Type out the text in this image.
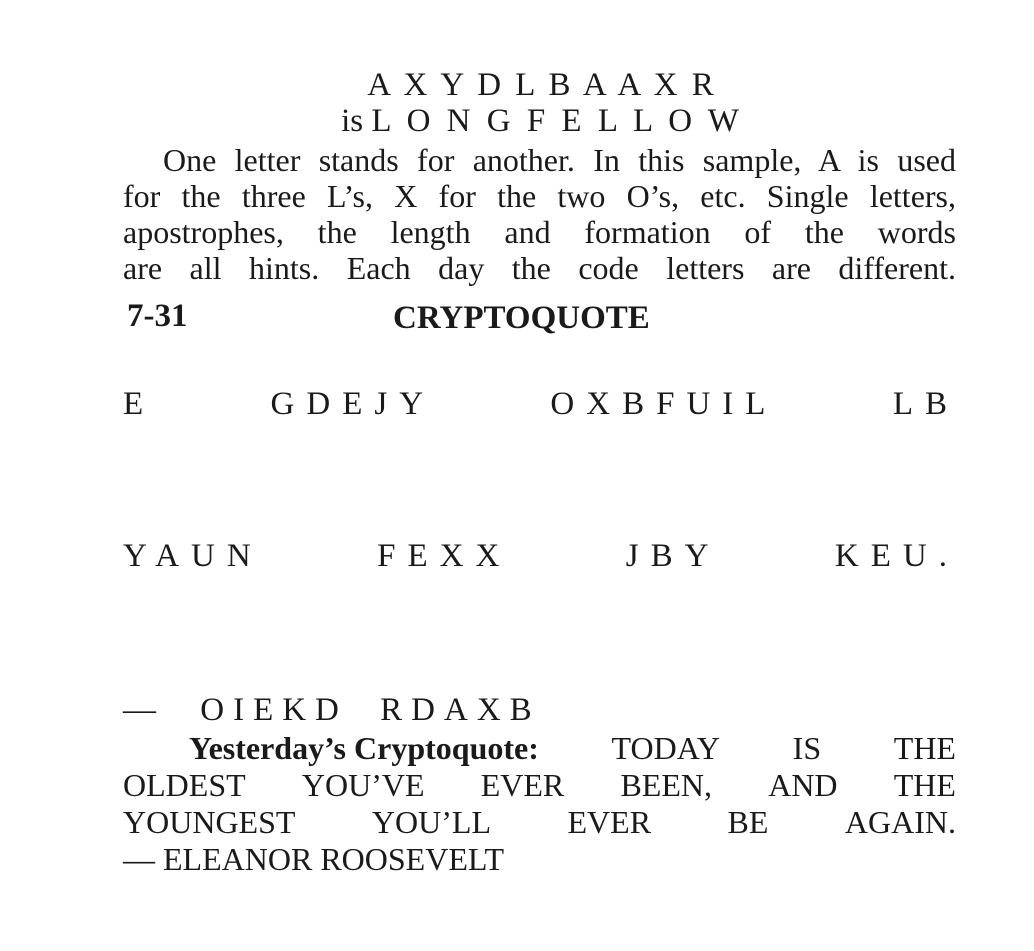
A X Y D L B A A X R
is L O N G F E L L O W
One letter stands for another. In this sample, A is used
for the three L’s, X for the two O’s, etc. Single letters,
apostrophes, the length and formation of the words
are all hints. Each day the code letters are different.
7-31	CRYPTOQUOTE
E	GDEJY	OXBFUIL	LB
YAUN	FEXX	JBY	KEU.
— OIEKD RDAXB
Yesterday’s Cryptoquote: TODAY IS THE
OLDEST YOU’VE EVER BEEN, AND THE
YOUNGEST YOU’LL EVER BE AGAIN.
— ELEANOR ROOSEVELT
